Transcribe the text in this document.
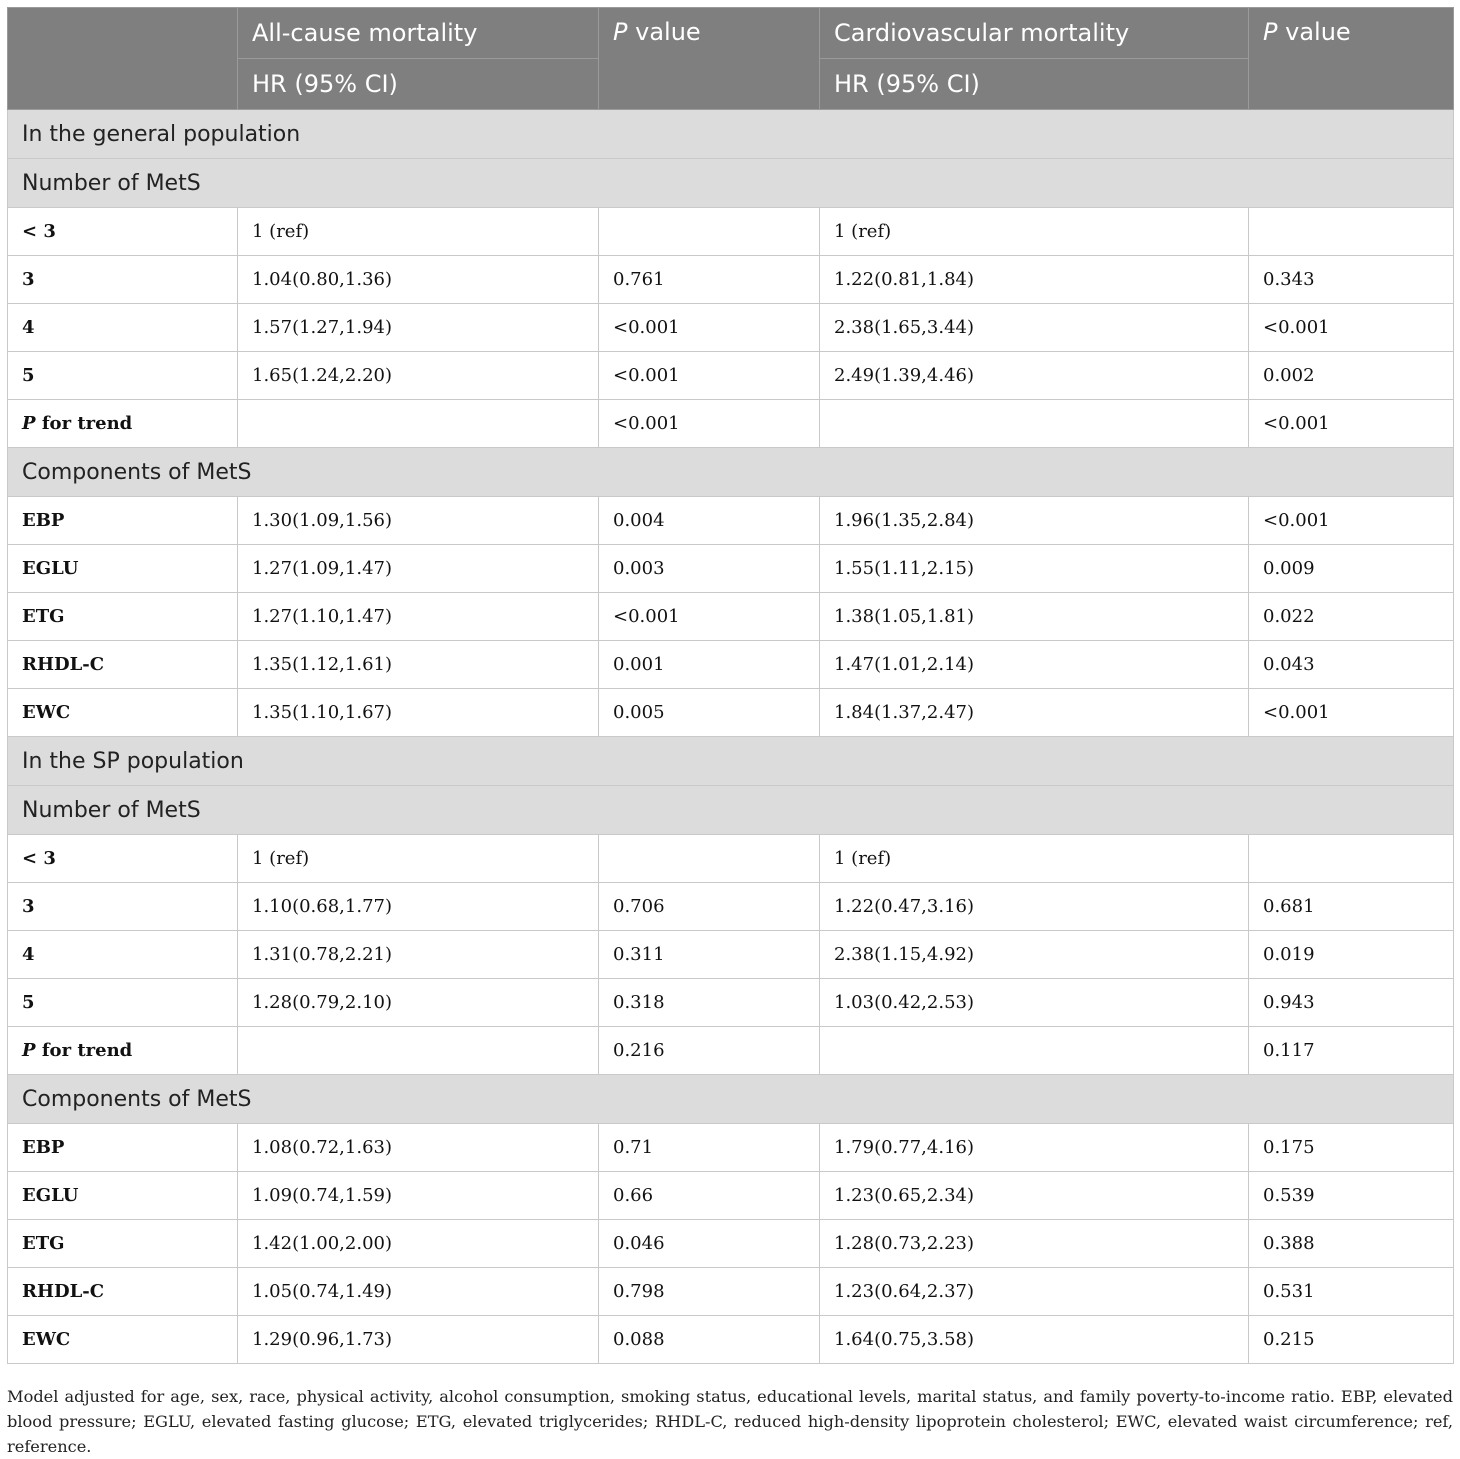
	All-cause mortality	P value	Cardiovascular mortality	P value
	HR (95% CI)		HR (95% CI)	
In the general population				
Number of MetS				
< 3	1 (ref)		1 (ref)	
3	1.04(0.80,1.36)	0.761	1.22(0.81,1.84)	0.343
4	1.57(1.27,1.94)	<0.001	2.38(1.65,3.44)	<0.001
5	1.65(1.24,2.20)	<0.001	2.49(1.39,4.46)	0.002
P for trend		<0.001		<0.001
Components of MetS				
EBP	1.30(1.09,1.56)	0.004	1.96(1.35,2.84)	<0.001
EGLU	1.27(1.09,1.47)	0.003	1.55(1.11,2.15)	0.009
ETG	1.27(1.10,1.47)	<0.001	1.38(1.05,1.81)	0.022
RHDL-C	1.35(1.12,1.61)	0.001	1.47(1.01,2.14)	0.043
EWC	1.35(1.10,1.67)	0.005	1.84(1.37,2.47)	<0.001
In the SP population				
Number of MetS				
< 3	1 (ref)		1 (ref)	
3	1.10(0.68,1.77)	0.706	1.22(0.47,3.16)	0.681
4	1.31(0.78,2.21)	0.311	2.38(1.15,4.92)	0.019
5	1.28(0.79,2.10)	0.318	1.03(0.42,2.53)	0.943
P for trend		0.216		0.117
Components of MetS				
EBP	1.08(0.72,1.63)	0.71	1.79(0.77,4.16)	0.175
EGLU	1.09(0.74,1.59)	0.66	1.23(0.65,2.34)	0.539
ETG	1.42(1.00,2.00)	0.046	1.28(0.73,2.23)	0.388
RHDL-C	1.05(0.74,1.49)	0.798	1.23(0.64,2.37)	0.531
EWC	1.29(0.96,1.73)	0.088	1.64(0.75,3.58)	0.215
Model adjusted for age, sex, race, physical activity, alcohol consumption, smoking status, educational levels, marital status, and family poverty-to-income ratio. EBP, elevated blood pressure; EGLU, elevated fasting glucose; ETG, elevated triglycerides; RHDL-C, reduced high-density lipoprotein cholesterol; EWC, elevated waist circumference; ref, reference.
